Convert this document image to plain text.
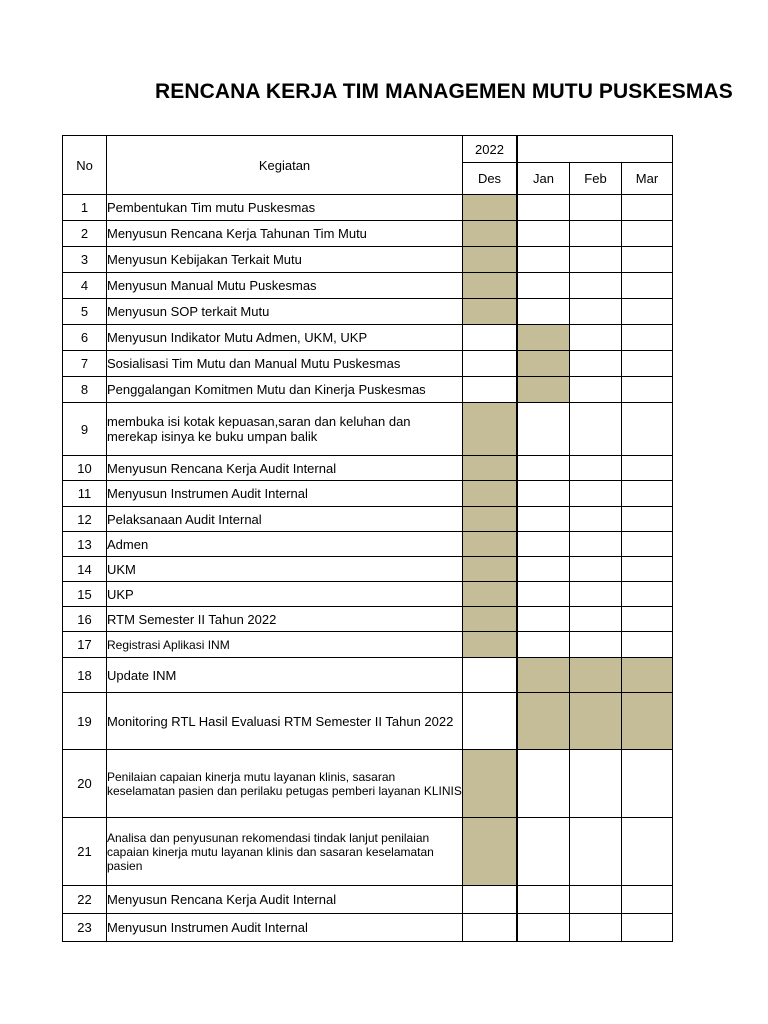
RENCANA KERJA TIM MANAGEMEN MUTU PUSKESMAS
No	Kegiatan	2022			
		Des		Jan	Feb	Mar
1	Pembentukan Tim mutu Puskesmas					
2	Menyusun Rencana Kerja Tahunan Tim Mutu					
3	Menyusun Kebijakan Terkait Mutu					
4	Menyusun Manual Mutu Puskesmas					
5	Menyusun SOP terkait Mutu					
6	Menyusun Indikator Mutu Admen, UKM, UKP					
7	Sosialisasi Tim Mutu dan Manual Mutu Puskesmas					
8	Penggalangan Komitmen Mutu dan Kinerja Puskesmas					
9	membuka isi kotak kepuasan,saran dan keluhan dan merekap isinya ke buku umpan balik					
10	Menyusun Rencana Kerja Audit Internal					
11	Menyusun Instrumen Audit Internal					
12	Pelaksanaan Audit Internal					
13	Admen					
14	UKM					
15	UKP					
16	RTM Semester II Tahun 2022					
17	Registrasi Aplikasi INM					
18	Update INM					
19	Monitoring RTL Hasil Evaluasi RTM Semester II Tahun 2022					
20	Penilaian capaian kinerja mutu layanan klinis, sasaran keselamatan pasien dan perilaku petugas pemberi layanan KLINIS					
21	Analisa dan penyusunan rekomendasi tindak lanjut penilaian capaian kinerja mutu layanan klinis dan sasaran keselamatan pasien					
22	Menyusun Rencana Kerja Audit Internal					
23	Menyusun Instrumen Audit Internal					
